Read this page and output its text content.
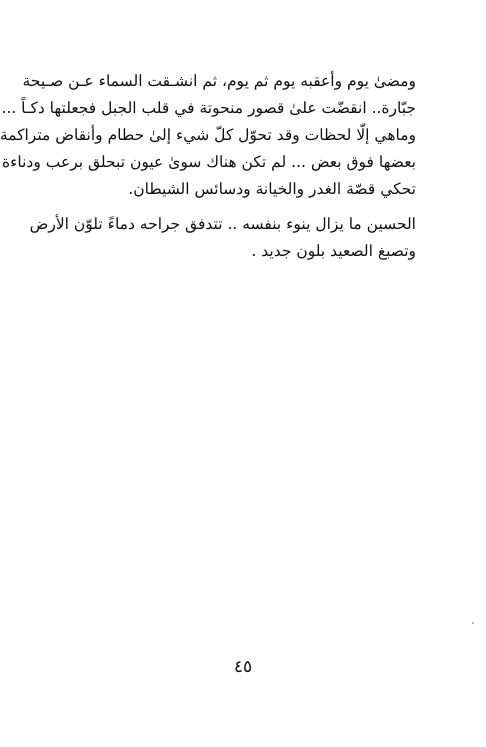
ومضىٰ يوم وأعقبه يوم ثم يوم، ثم انشـقت السماء عـن صـيحة
جبّارة.. انقضّت علىٰ قصور منحوتة في قلب الجبل فجعلتها دكـاً ...
وماهي إلّا لحظات وقد تحوّل كلّ شيء إلىٰ حطام وأنقاض متراكمة
بعضها فوق بعض ... لم تكن هناك سوىٰ عيون تبحلق برعب ودناءة
تحكي قصّة الغدر والخيانة ودسائس الشيطان.
الحسين ما يزال ينوء بنفسه .. تتدفق جراحه دماءً تلوّن الأرض
وتصبغ الصعيد بلون جديد .
٤٥
